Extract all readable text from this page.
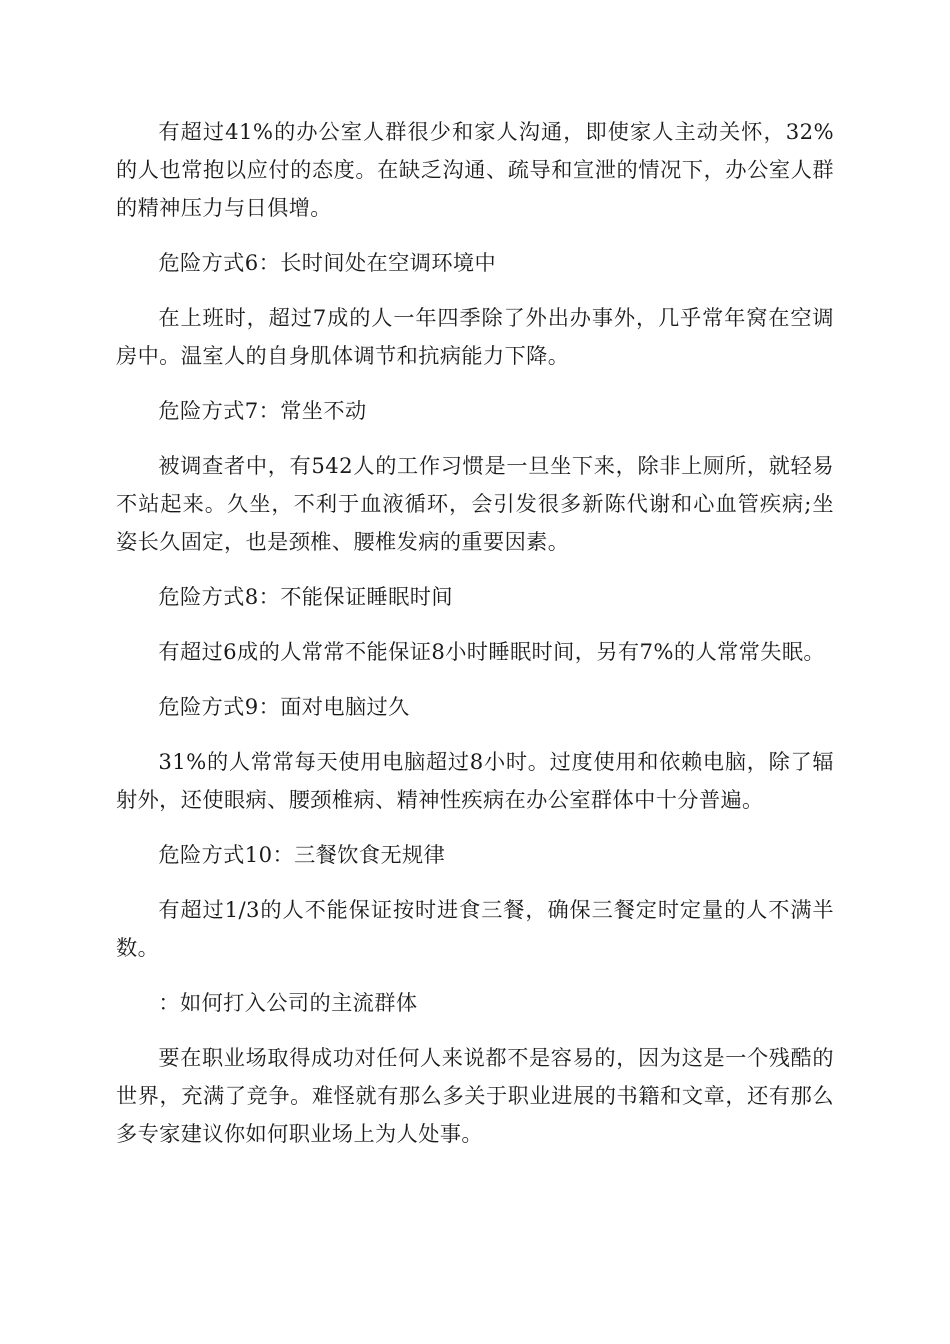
有超过41%的办公室人群很少和家人沟通，即使家人主动关怀，32%的人也常抱以应付的态度。在缺乏沟通、疏导和宣泄的情况下，办公室人群的精神压力与日俱增。

危险方式6：长时间处在空调环境中

在上班时，超过7成的人一年四季除了外出办事外，几乎常年窝在空调房中。温室人的自身肌体调节和抗病能力下降。

危险方式7：常坐不动

被调查者中，有542人的工作习惯是一旦坐下来，除非上厕所，就轻易不站起来。久坐，不利于血液循环，会引发很多新陈代谢和心血管疾病;坐姿长久固定，也是颈椎、腰椎发病的重要因素。

危险方式8：不能保证睡眠时间

有超过6成的人常常不能保证8小时睡眠时间，另有7%的人常常失眠。

危险方式9：面对电脑过久

31%的人常常每天使用电脑超过8小时。过度使用和依赖电脑，除了辐射外，还使眼病、腰颈椎病、精神性疾病在办公室群体中十分普遍。

危险方式10：三餐饮食无规律

有超过1/3的人不能保证按时进食三餐，确保三餐定时定量的人不满半数。

：如何打入公司的主流群体

要在职业场取得成功对任何人来说都不是容易的，因为这是一个残酷的世界，充满了竞争。难怪就有那么多关于职业进展的书籍和文章，还有那么多专家建议你如何职业场上为人处事。
